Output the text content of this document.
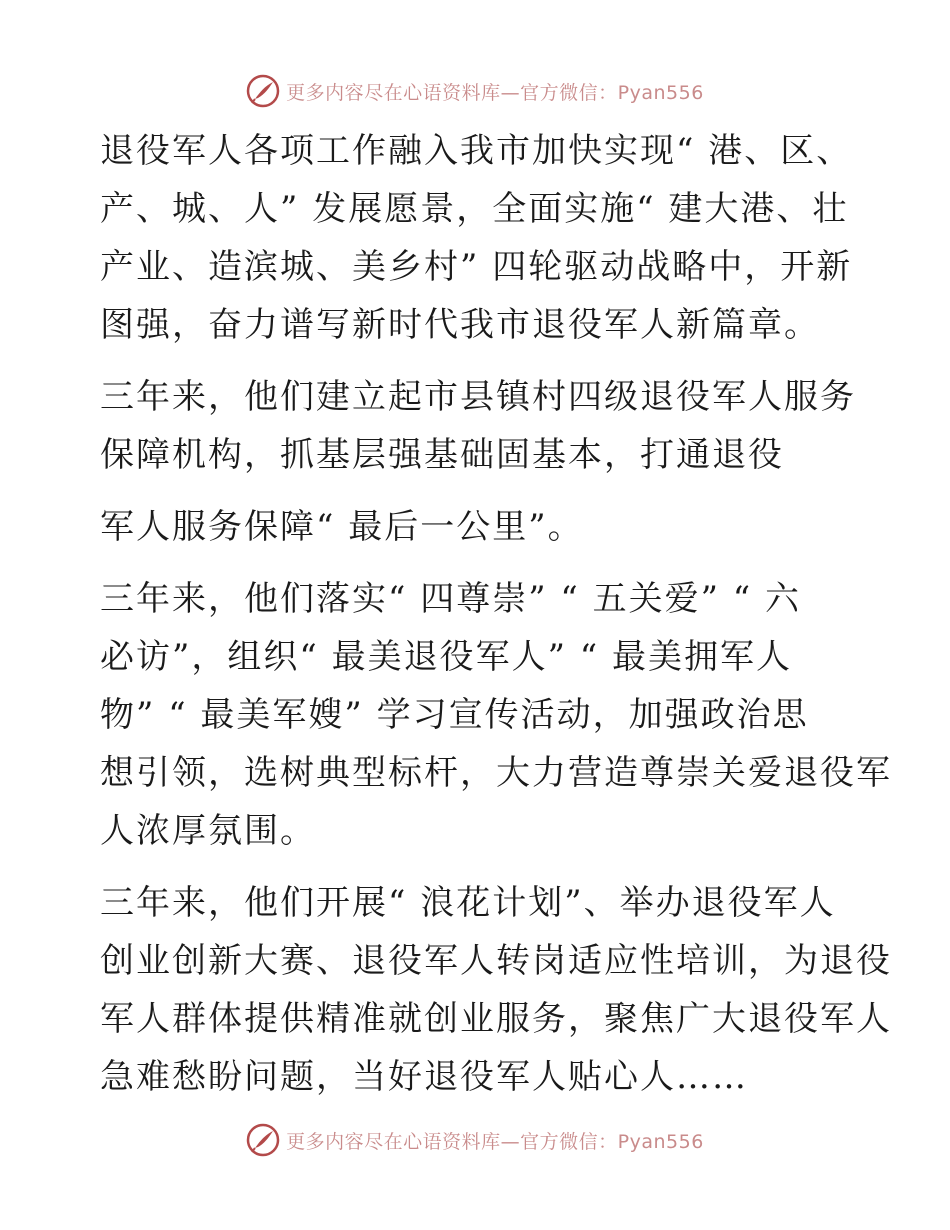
更多内容尽在心语资料库—官方微信：Pyan556

退役军人各项工作融入我市加快实现“ 港、区、
产、城、人” 发展愿景，全面实施“ 建大港、壮
产业、造滨城、美乡村” 四轮驱动战略中，开新
图强，奋力谱写新时代我市退役军人新篇章。

三年来，他们建立起市县镇村四级退役军人服务
保障机构，抓基层强基础固基本，打通退役

军人服务保障“ 最后一公里”。

三年来，他们落实“ 四尊崇” “ 五关爱” “ 六
必访”，组织“ 最美退役军人” “ 最美拥军人
物” “ 最美军嫂” 学习宣传活动，加强政治思
想引领，选树典型标杆，大力营造尊崇关爱退役军
人浓厚氛围。

三年来，他们开展“ 浪花计划”、举办退役军人
创业创新大赛、退役军人转岗适应性培训，为退役
军人群体提供精准就创业服务，聚焦广大退役军人
急难愁盼问题，当好退役军人贴心人……

更多内容尽在心语资料库—官方微信：Pyan556
